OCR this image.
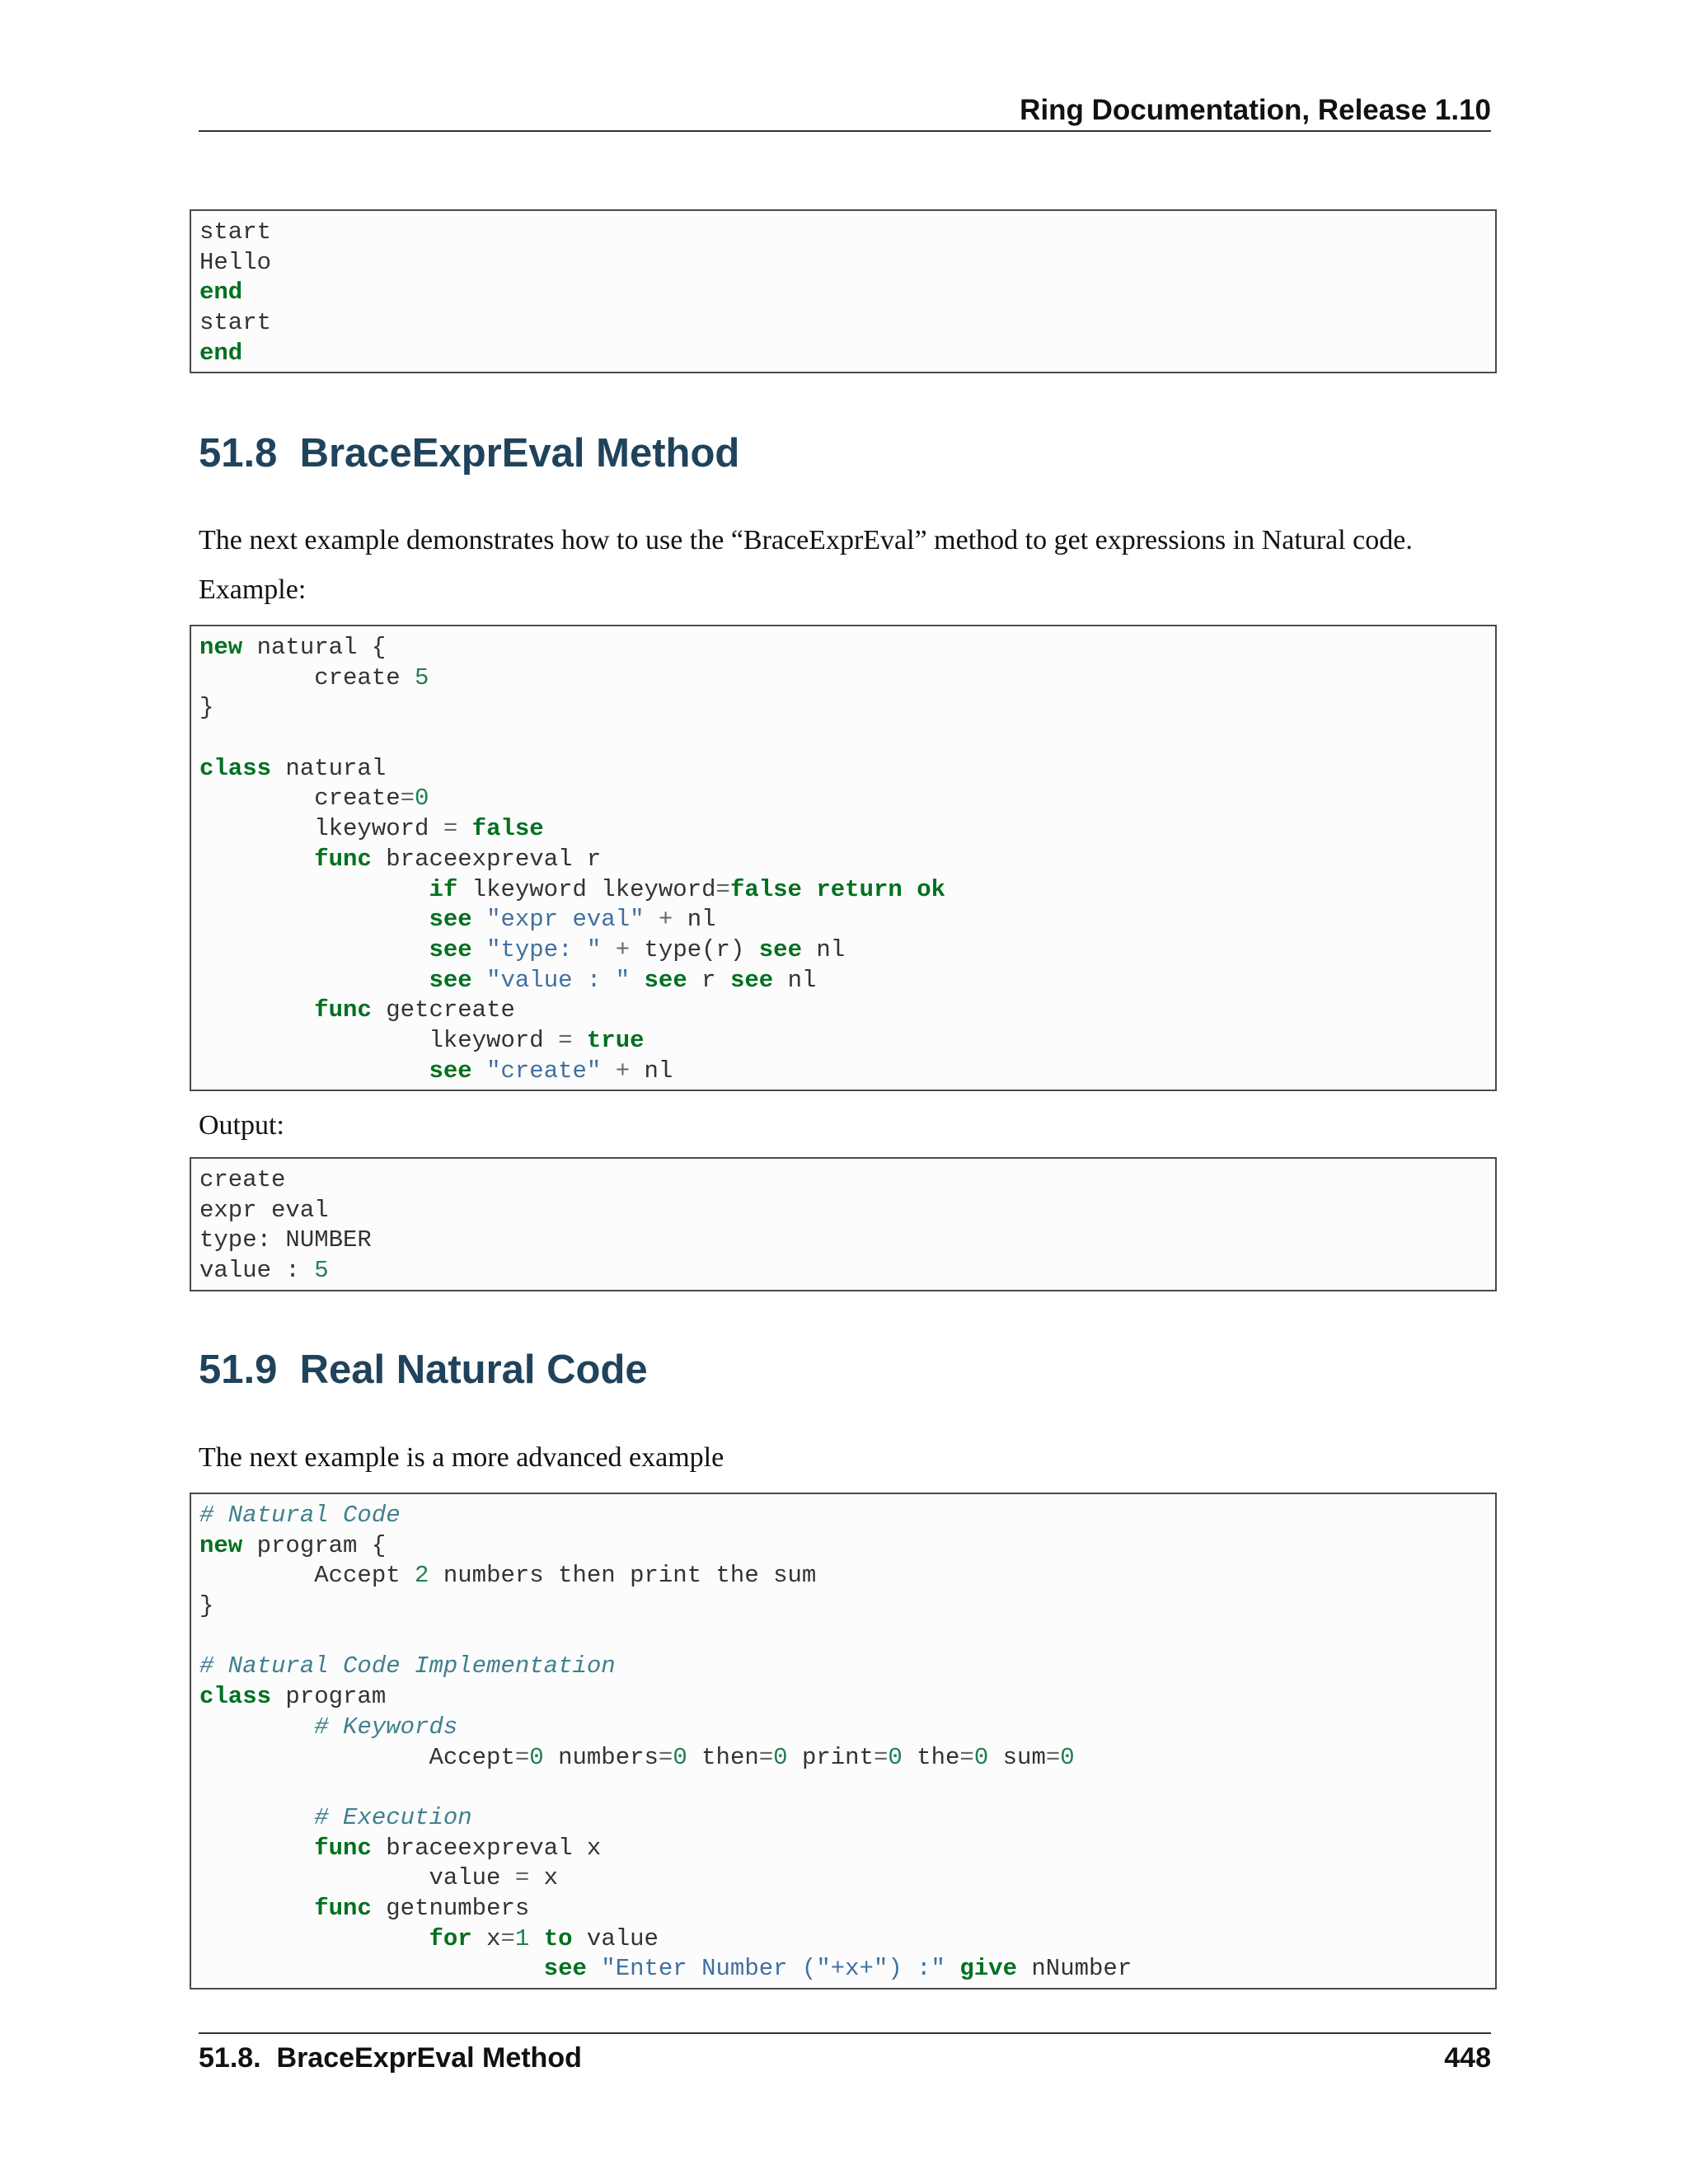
Ring Documentation, Release 1.10
start
Hello
end
start
end
51.8  BraceExprEval Method
The next example demonstrates how to use the “BraceExprEval” method to get expressions in Natural code.
Example:
new natural {
create 5
}
class natural
create=0
lkeyword = false
func braceexpreval r
if lkeyword lkeyword=false return ok
see "expr eval" + nl
see "type: " + type(r) see nl
see "value : " see r see nl
func getcreate
lkeyword = true
see "create" + nl
Output:
create
expr eval
type: NUMBER
value : 5
51.9  Real Natural Code
The next example is a more advanced example
# Natural Code
new program {
Accept 2 numbers then print the sum
}
# Natural Code Implementation
class program
# Keywords
Accept=0 numbers=0 then=0 print=0 the=0 sum=0
# Execution
func braceexpreval x
value = x
func getnumbers
for x=1 to value
see "Enter Number ("+x+") :" give nNumber
51.8.  BraceExprEval Method	448
